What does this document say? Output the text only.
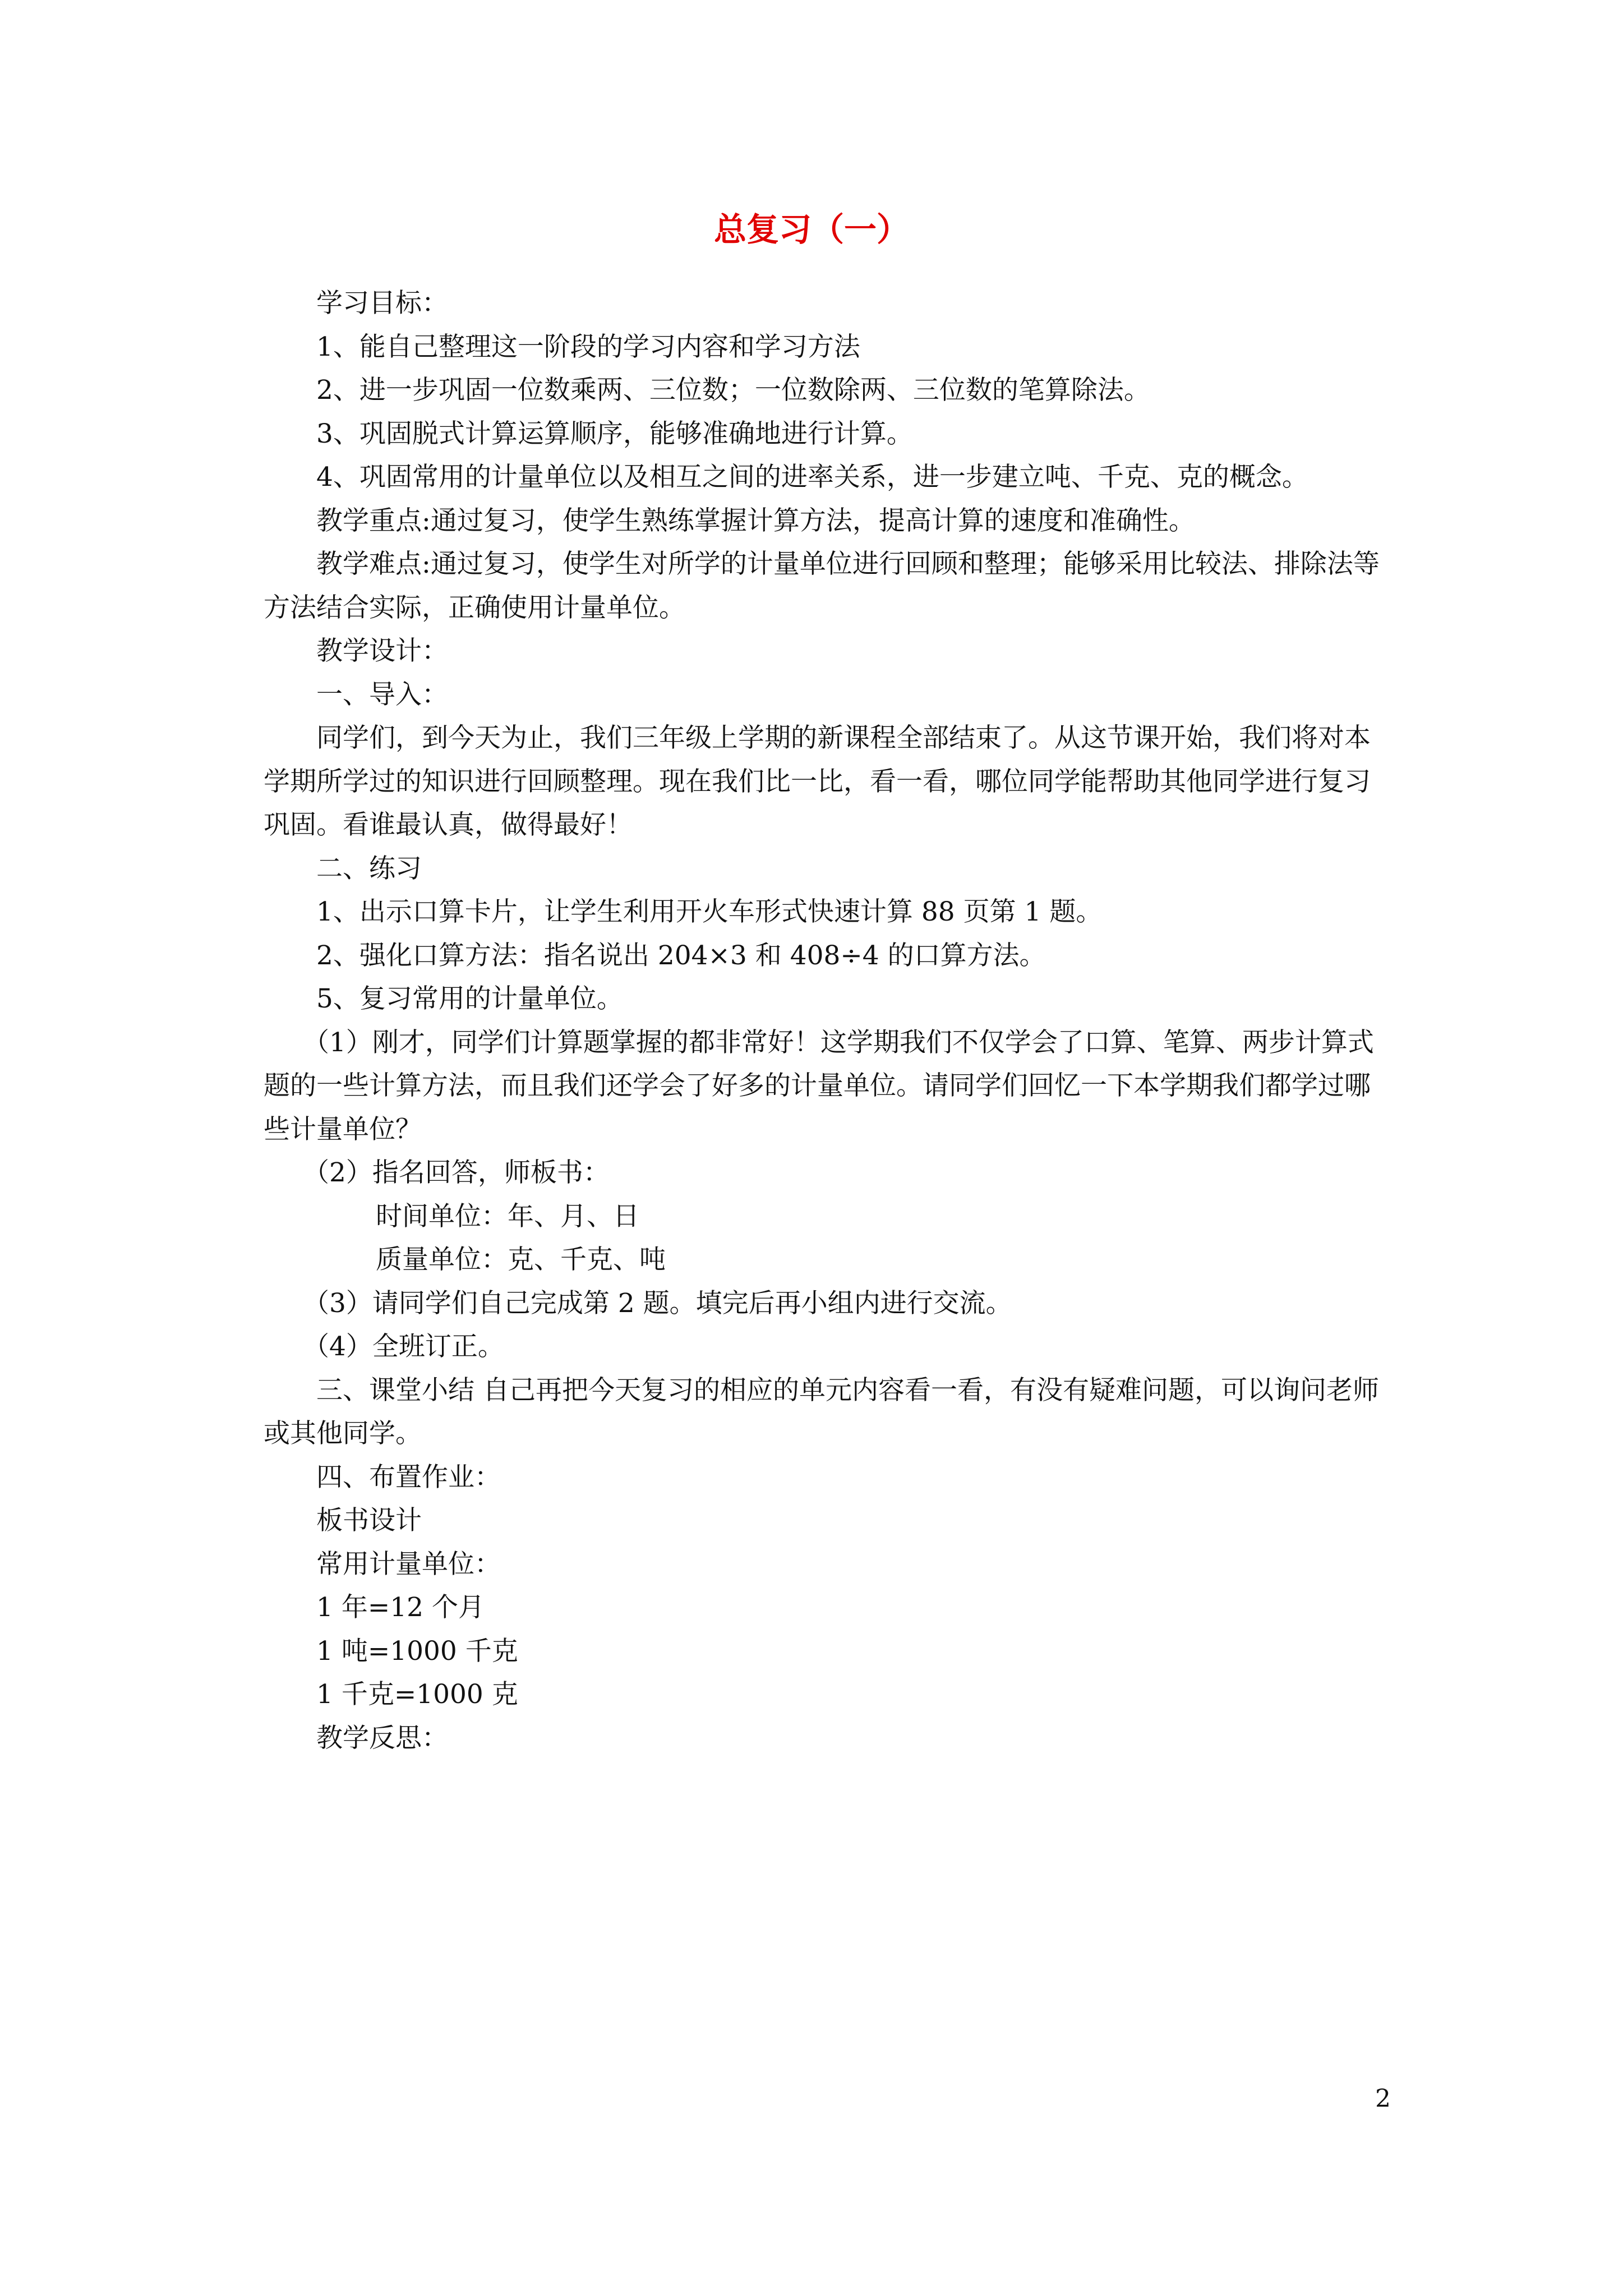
总复习（一）

学习目标：

1、能自己整理这一阶段的学习内容和学习方法

2、进一步巩固一位数乘两、三位数；一位数除两、三位数的笔算除法。

3、巩固脱式计算运算顺序，能够准确地进行计算。

4、巩固常用的计量单位以及相互之间的进率关系，进一步建立吨、千克、克的概念。

教学重点:通过复习，使学生熟练掌握计算方法，提高计算的速度和准确性。

教学难点:通过复习，使学生对所学的计量单位进行回顾和整理；能够采用比较法、排除法等方法结合实际，正确使用计量单位。

教学设计：

一、导入：

同学们，到今天为止，我们三年级上学期的新课程全部结束了。从这节课开始，我们将对本学期所学过的知识进行回顾整理。现在我们比一比，看一看，哪位同学能帮助其他同学进行复习巩固。看谁最认真，做得最好！

二、练习

1、出示口算卡片，让学生利用开火车形式快速计算 88 页第 1 题。

2、强化口算方法：指名说出 204×3 和 408÷4 的口算方法。

5、复习常用的计量单位。

（1）刚才，同学们计算题掌握的都非常好！这学期我们不仅学会了口算、笔算、两步计算式题的一些计算方法，而且我们还学会了好多的计量单位。请同学们回忆一下本学期我们都学过哪些计量单位？

（2）指名回答，师板书：

时间单位：年、月、日

质量单位：克、千克、吨

（3）请同学们自己完成第 2 题。填完后再小组内进行交流。

（4）全班订正。

三、课堂小结 自己再把今天复习的相应的单元内容看一看，有没有疑难问题，可以询问老师或其他同学。

四、布置作业：

板书设计

常用计量单位：

1 年=12 个月

1 吨=1000 千克

1 千克=1000 克

教学反思：

2
